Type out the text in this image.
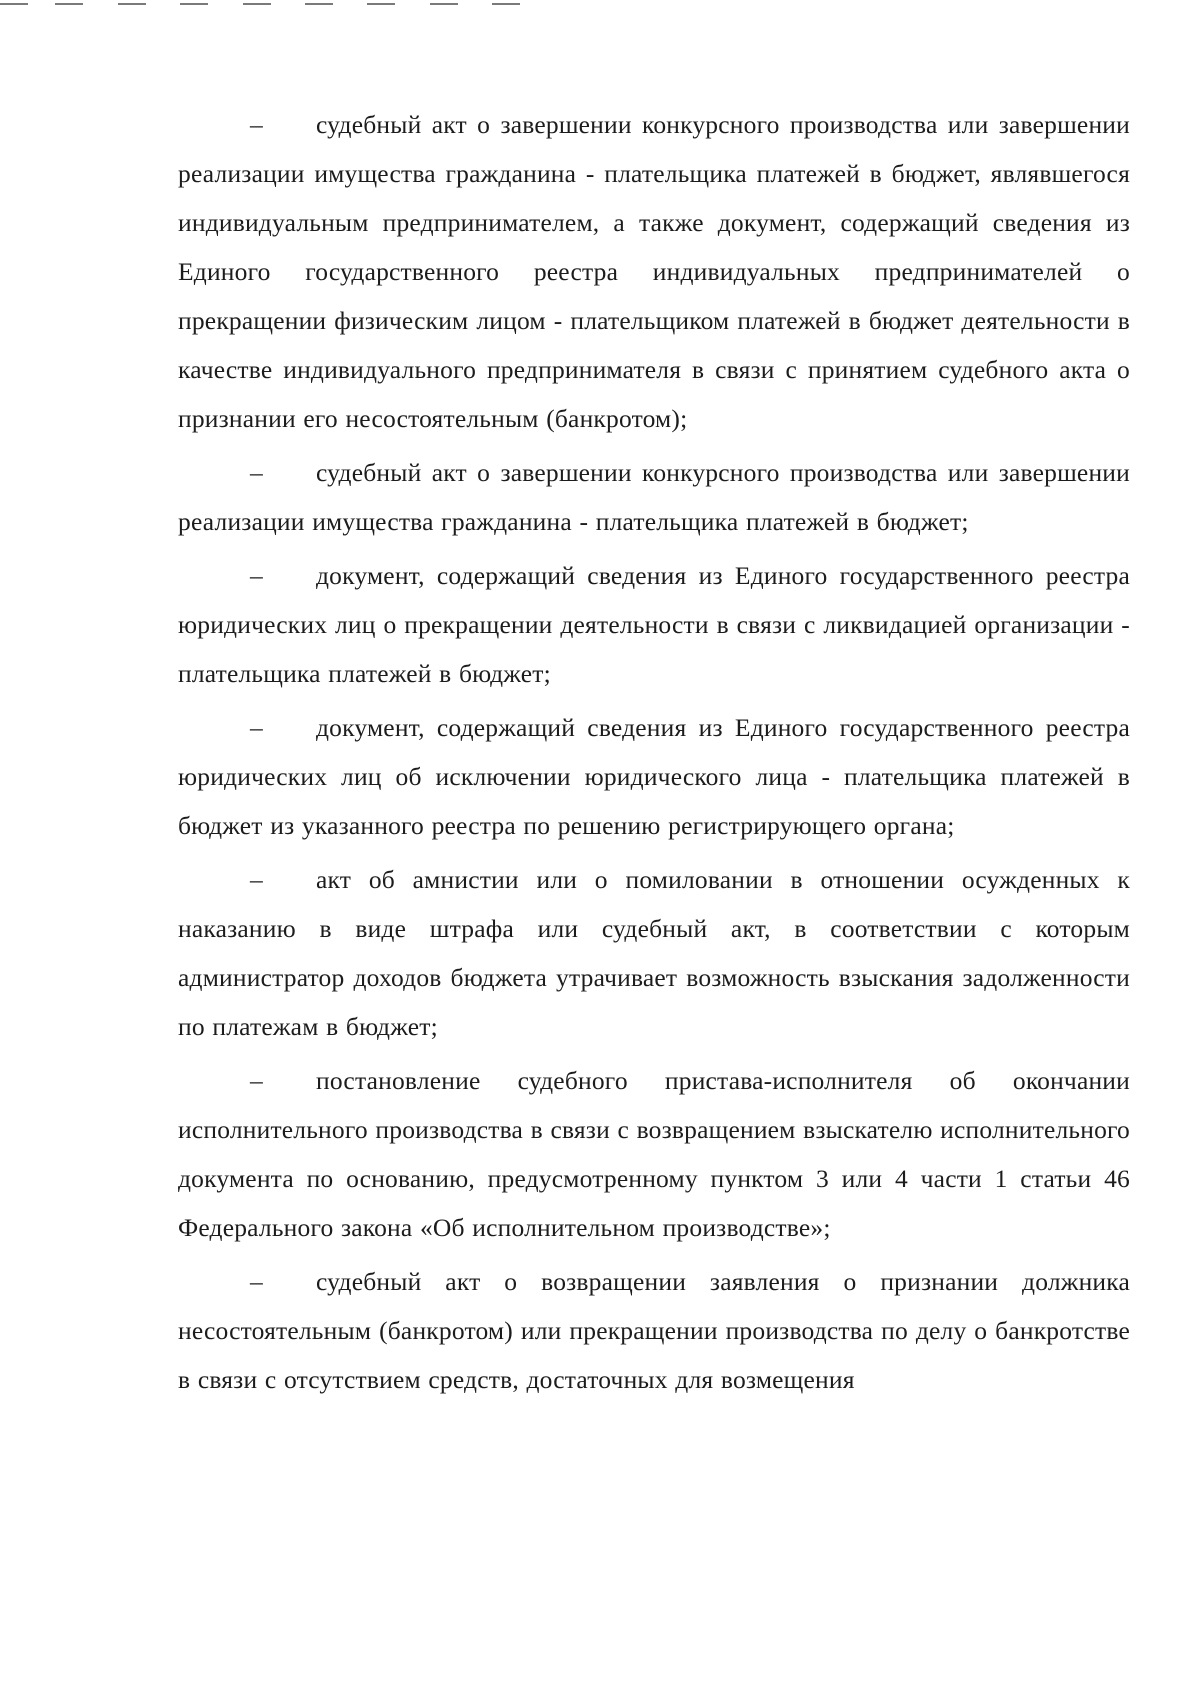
– судебный акт о завершении конкурсного производства или завершении реализации имущества гражданина - плательщика платежей в бюджет, являвшегося индивидуальным предпринимателем, а также документ, содержащий сведения из Единого государственного реестра индивидуальных предпринимателей о прекращении физическим лицом - плательщиком платежей в бюджет деятельности в качестве индивидуального предпринимателя в связи с принятием судебного акта о признании его несостоятельным (банкротом);

– судебный акт о завершении конкурсного производства или завершении реализации имущества гражданина - плательщика платежей в бюджет;

– документ, содержащий сведения из Единого государственного реестра юридических лиц о прекращении деятельности в связи с ликвидацией организации - плательщика платежей в бюджет;

– документ, содержащий сведения из Единого государственного реестра юридических лиц об исключении юридического лица - плательщика платежей в бюджет из указанного реестра по решению регистрирующего органа;

– акт об амнистии или о помиловании в отношении осужденных к наказанию в виде штрафа или судебный акт, в соответствии с которым администратор доходов бюджета утрачивает возможность взыскания задолженности по платежам в бюджет;

– постановление судебного пристава-исполнителя об окончании исполнительного производства в связи с возвращением взыскателю исполнительного документа по основанию, предусмотренному пунктом 3 или 4 части 1 статьи 46 Федерального закона «Об исполнительном производстве»;

– судебный акт о возвращении заявления о признании должника несостоятельным (банкротом) или прекращении производства по делу о банкротстве в связи с отсутствием средств, достаточных для возмещения
